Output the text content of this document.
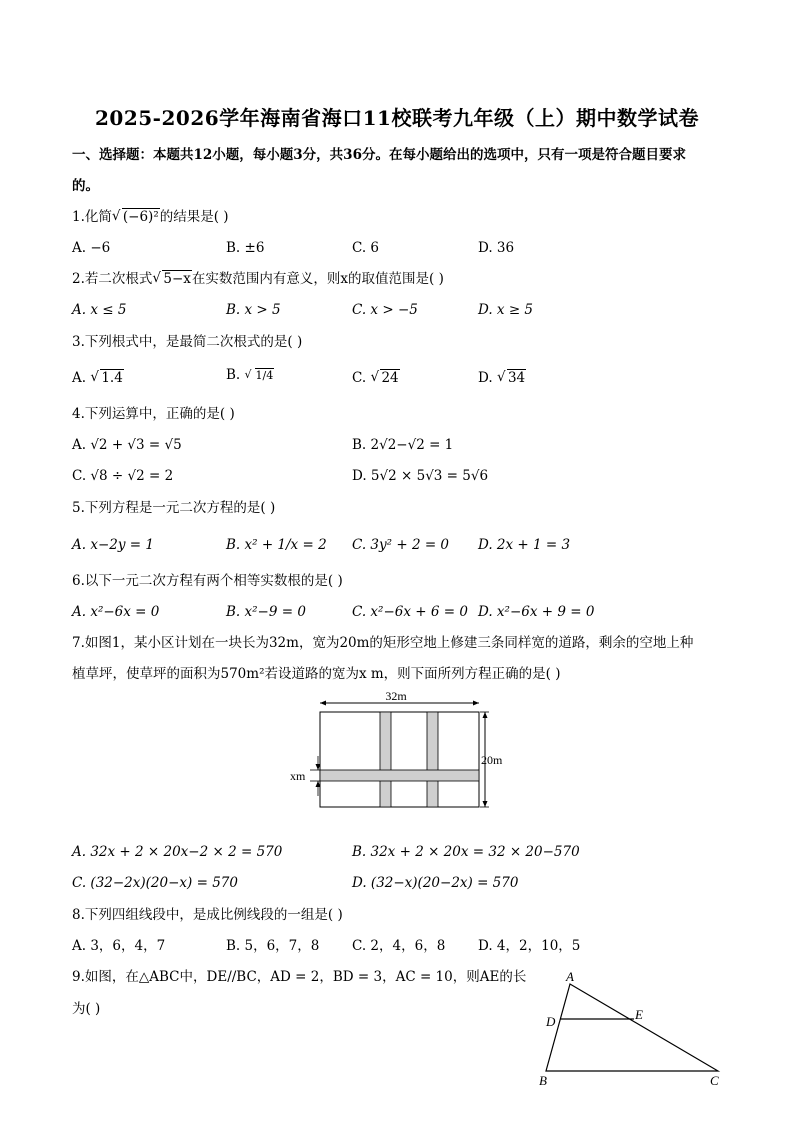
2025-2026学年海南省海口11校联考九年级（上）期中数学试卷
一、选择题：本题共12小题，每小题3分，共36分。在每小题给出的选项中，只有一项是符合题目要求
的。
1.化简 √ (−6)²的结果是( )
A. −6	B. ±6	C. 6	D. 36
2.若二次根式 √ 5−x在实数范围内有意义，则x的取值范围是( )
A. x ≤ 5	B. x > 5	C. x > −5	D. x ≥ 5
3.下列根式中，是最简二次根式的是( )
A. √ 1.4	B. √ 1/4	C. √ 24	D. √ 34
4.下列运算中，正确的是( )
A. √2 + √3 = √5	B. 2√2−√2 = 1
C. √8 ÷ √2 = 2	D. 5√2 × 5√3 = 5√6
5.下列方程是一元二次方程的是( )
A. x−2y = 1	B. x² + 1/x = 2 C. 3y² + 2 = 0 D. 2x + 1 = 3
6.以下一元二次方程有两个相等实数根的是( )
A. x²−6x = 0	B. x²−9 = 0	C. x²−6x + 6 = 0 D. x²−6x + 9 = 0
7.如图1，某小区计划在一块长为32m，宽为20m的矩形空地上修建三条同样宽的道路，剩余的空地上种
植草坪，使草坪的面积为570m²若设道路的宽为x m，则下面所列方程正确的是( )
32m
20m
xm
A. 32x + 2 × 20x−2 × 2 = 570	B. 32x + 2 × 20x = 32 × 20−570
C. (32−2x)(20−x) = 570	D. (32−x)(20−2x) = 570
8.下列四组线段中，是成比例线段的一组是( )
A. 3，6，4，7	B. 5，6，7，8 C. 2，4，6，8 D. 4，2，10，5
9.如图，在△ABC中，DE//BC，AD = 2，BD = 3，AC = 10，则AE的长
为( )
A
B	C
D	E
